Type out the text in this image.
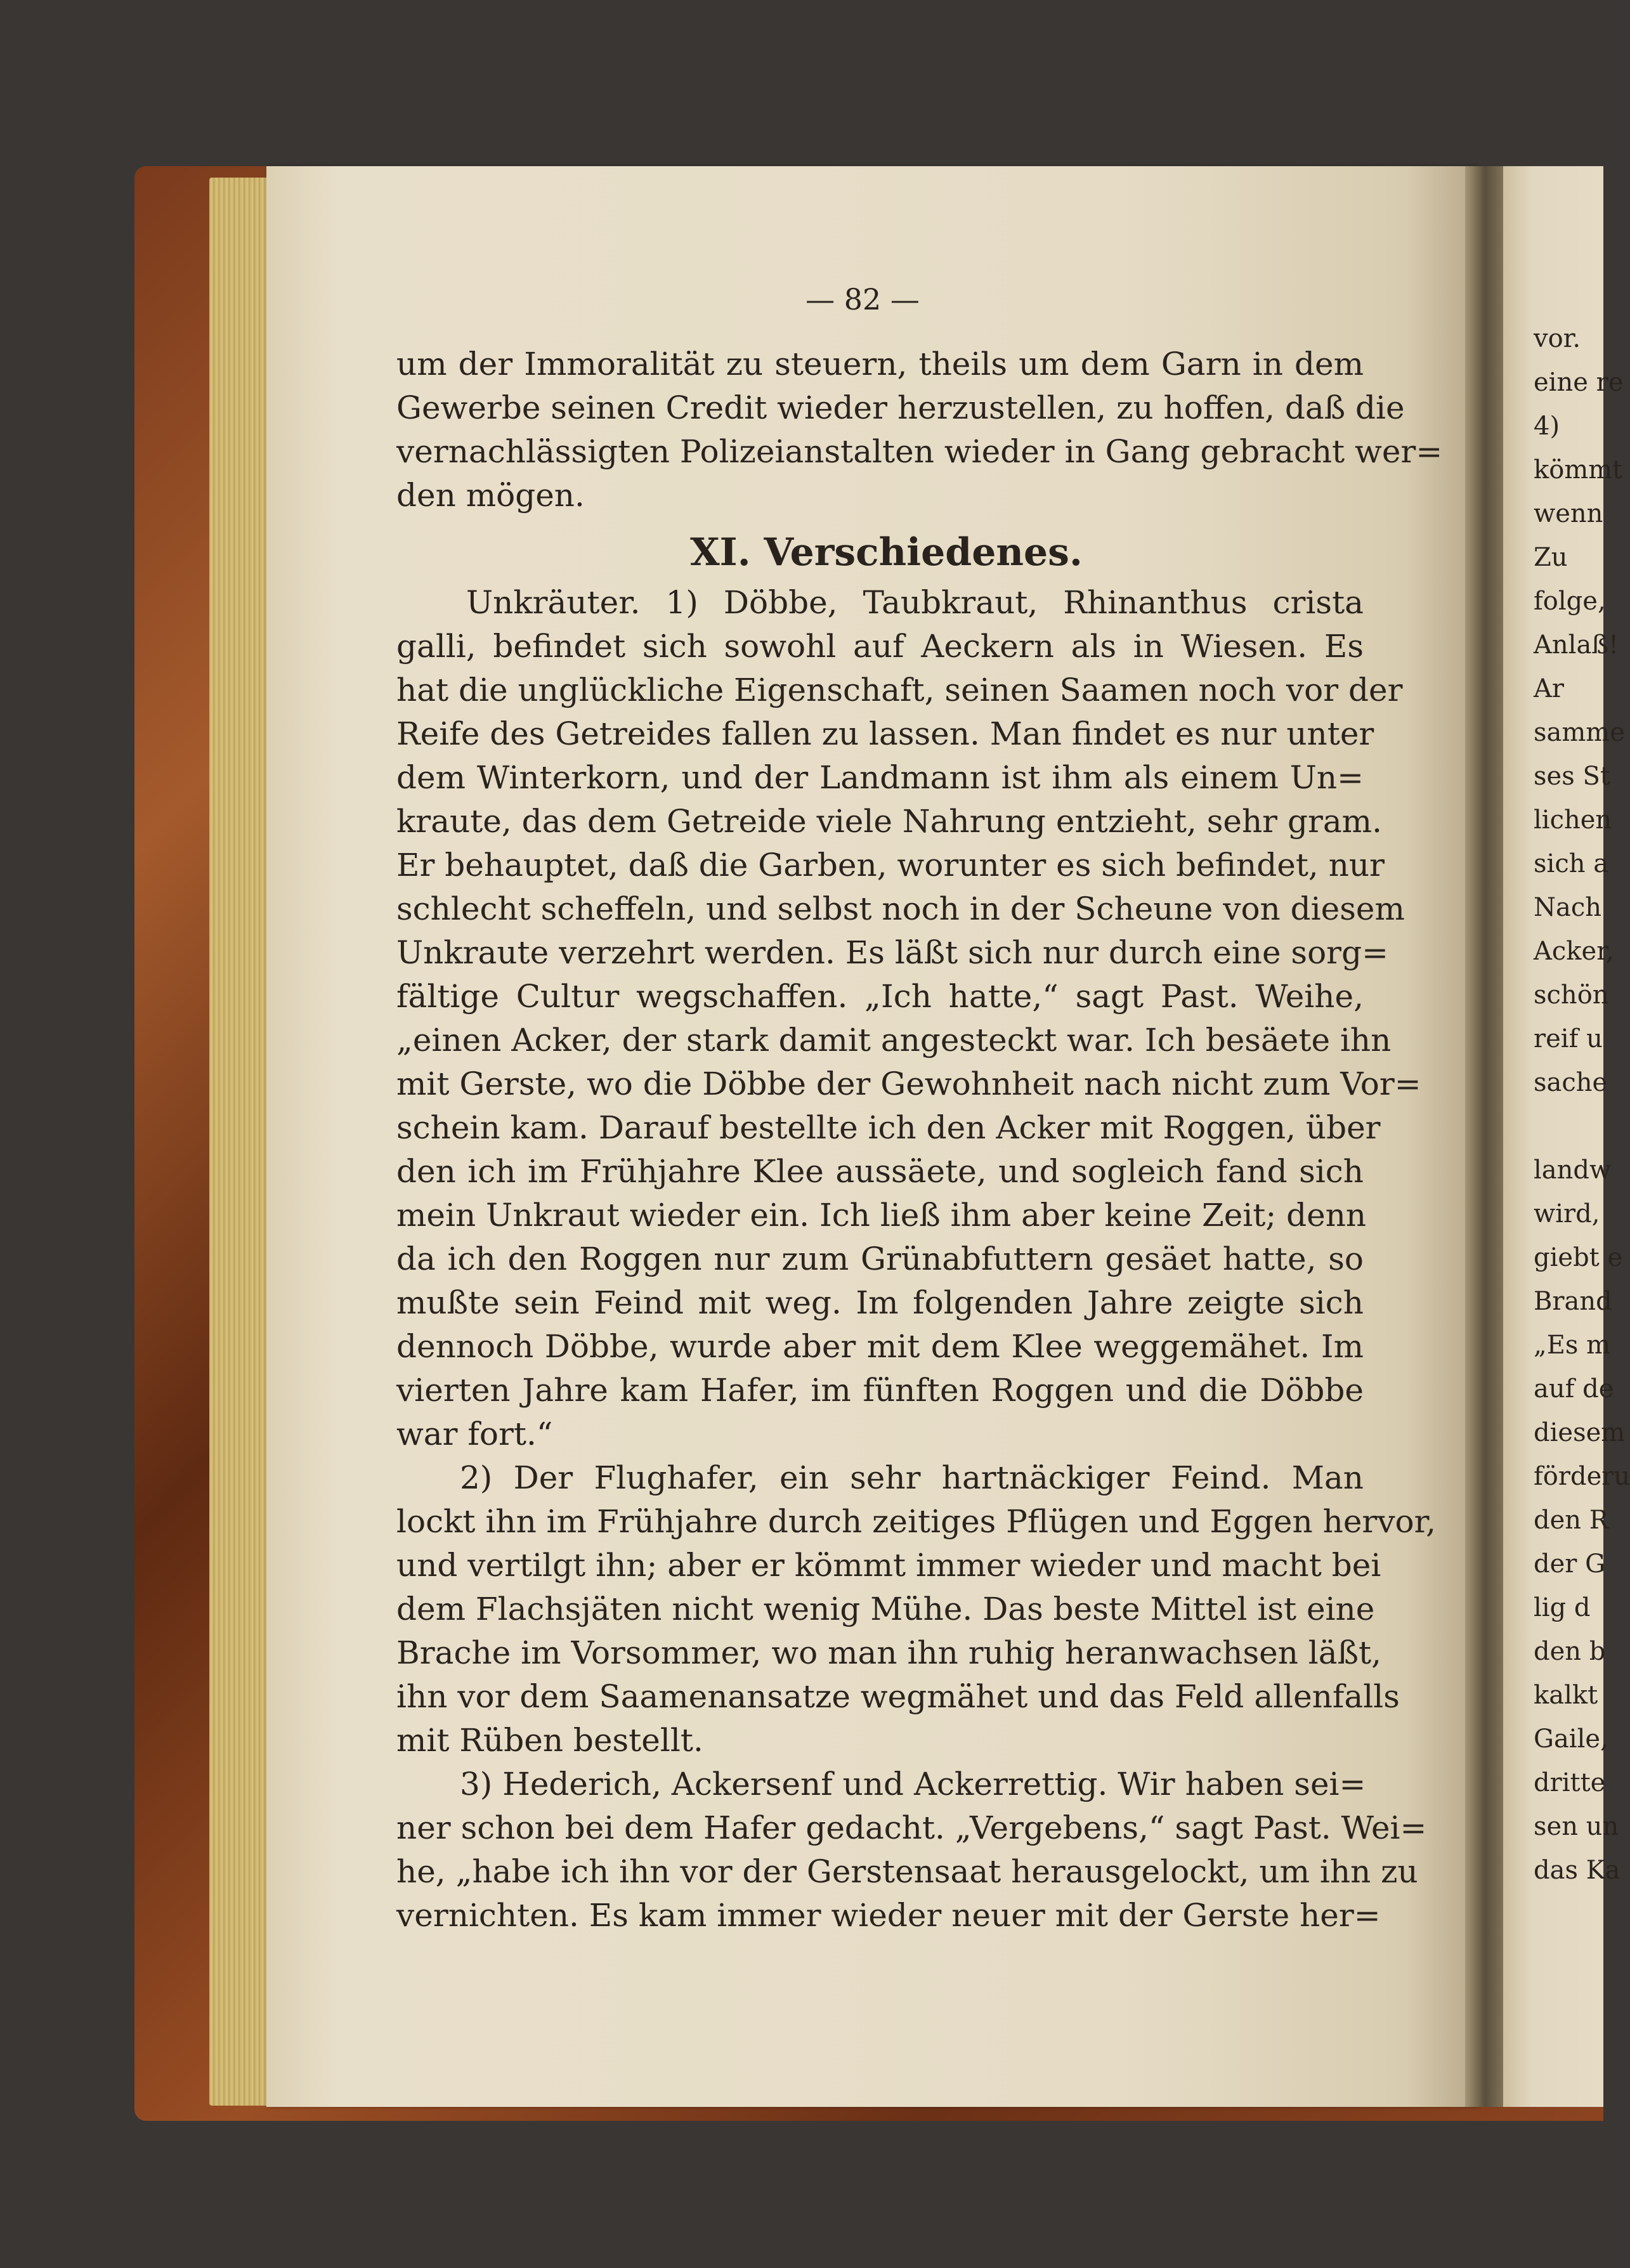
— 82 —
um der Immoralität zu steuern, theils um dem Garn in dem
Gewerbe seinen Credit wieder herzustellen, zu hoffen, daß die
vernachlässigten Polizeianstalten wieder in Gang gebracht wer=
den mögen.
XI. Verschiedenes.
Unkräuter. 1) Döbbe, Taubkraut, Rhinanthus crista
galli, befindet sich sowohl auf Aeckern als in Wiesen. Es
hat die unglückliche Eigenschaft, seinen Saamen noch vor der
Reife des Getreides fallen zu lassen. Man findet es nur unter
dem Winterkorn, und der Landmann ist ihm als einem Un=
kraute, das dem Getreide viele Nahrung entzieht, sehr gram.
Er behauptet, daß die Garben, worunter es sich befindet, nur
schlecht scheffeln, und selbst noch in der Scheune von diesem
Unkraute verzehrt werden. Es läßt sich nur durch eine sorg=
fältige Cultur wegschaffen. „Ich hatte,“ sagt Past. Weihe,
„einen Acker, der stark damit angesteckt war. Ich besäete ihn
mit Gerste, wo die Döbbe der Gewohnheit nach nicht zum Vor=
schein kam. Darauf bestellte ich den Acker mit Roggen, über
den ich im Frühjahre Klee aussäete, und sogleich fand sich
mein Unkraut wieder ein. Ich ließ ihm aber keine Zeit; denn
da ich den Roggen nur zum Grünabfuttern gesäet hatte, so
mußte sein Feind mit weg. Im folgenden Jahre zeigte sich
dennoch Döbbe, wurde aber mit dem Klee weggemähet. Im
vierten Jahre kam Hafer, im fünften Roggen und die Döbbe
war fort.“
2) Der Flughafer, ein sehr hartnäckiger Feind. Man
lockt ihn im Frühjahre durch zeitiges Pflügen und Eggen hervor,
und vertilgt ihn; aber er kömmt immer wieder und macht bei
dem Flachsjäten nicht wenig Mühe. Das beste Mittel ist eine
Brache im Vorsommer, wo man ihn ruhig heranwachsen läßt,
ihn vor dem Saamenansatze wegmähet und das Feld allenfalls
mit Rüben bestellt.
3) Hederich, Ackersenf und Ackerrettig. Wir haben sei=
ner schon bei dem Hafer gedacht. „Vergebens,“ sagt Past. Wei=
he, „habe ich ihn vor der Gerstensaat herausgelockt, um ihn zu
vernichten. Es kam immer wieder neuer mit der Gerste her=
vor.
eine re
4)
kömmt
wenn
Zu
folge,
Anlaß!
Ar
samme
ses St
lichen
sich a
Nach
Acker,
schön
reif u
sache
landw
wird,
giebt e
Brand
„Es m
auf de
diesem
förderu
den R
der G
lig d
den b
kalkt
Gaile,
dritte
sen un
das Ka
